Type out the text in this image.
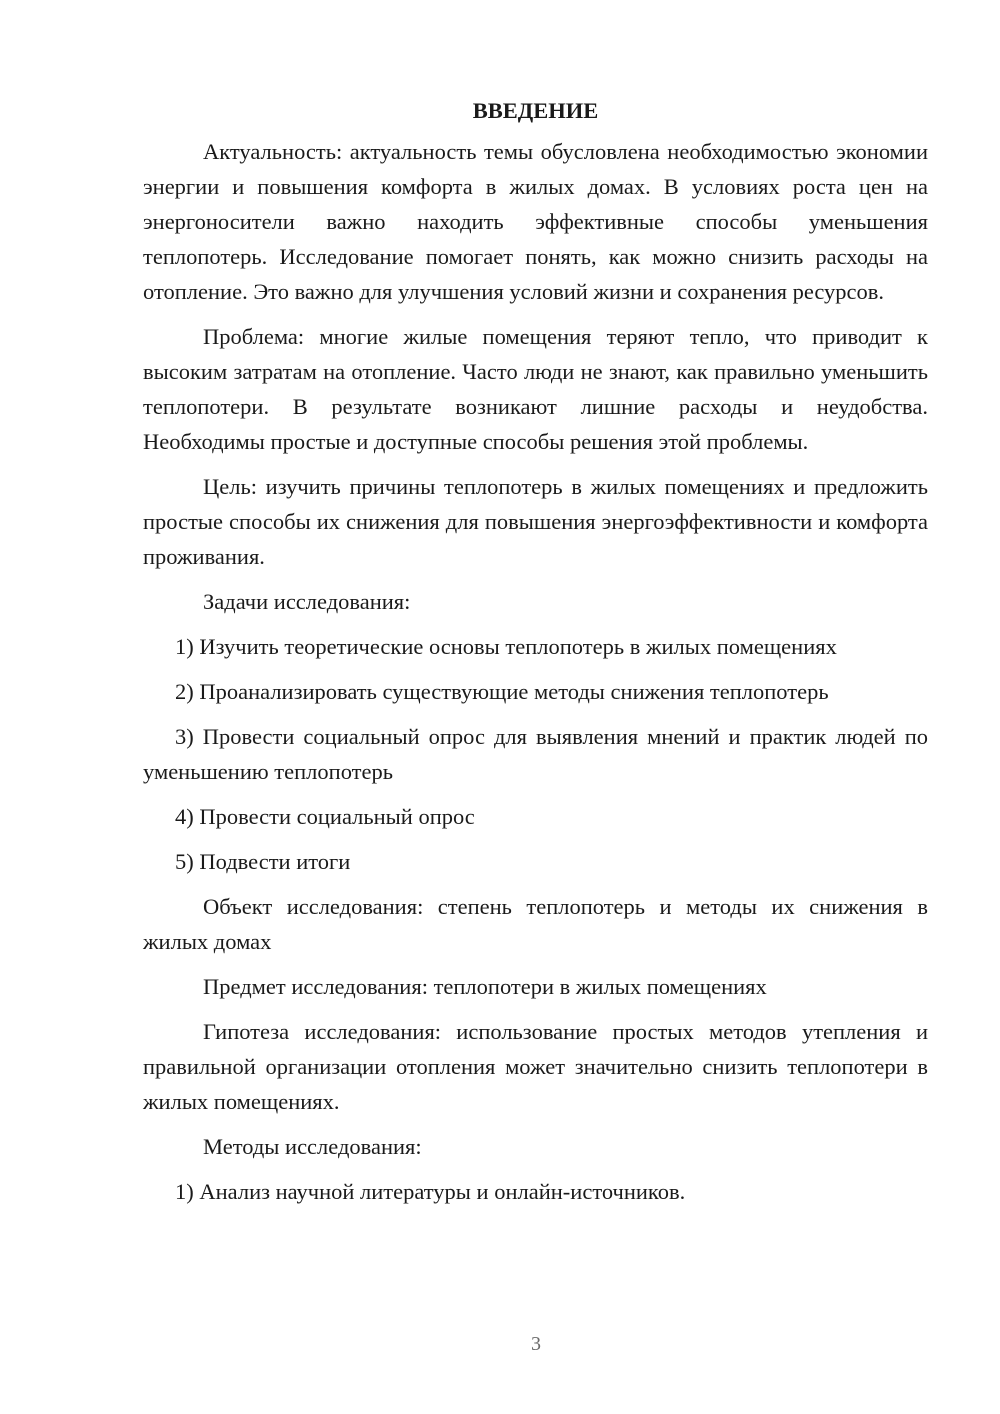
ВВЕДЕНИЕ

Актуальность: актуальность темы обусловлена необходимостью экономии энергии и повышения комфорта в жилых домах. В условиях роста цен на энергоносители важно находить эффективные способы уменьшения теплопотерь. Исследование помогает понять, как можно снизить расходы на отопление. Это важно для улучшения условий жизни и сохранения ресурсов.

Проблема: многие жилые помещения теряют тепло, что приводит к высоким затратам на отопление. Часто люди не знают, как правильно уменьшить теплопотери. В результате возникают лишние расходы и неудобства. Необходимы простые и доступные способы решения этой проблемы.

Цель: изучить причины теплопотерь в жилых помещениях и предложить простые способы их снижения для повышения энергоэффективности и комфорта проживания.

Задачи исследования:

1) Изучить теоретические основы теплопотерь в жилых помещениях

2) Проанализировать существующие методы снижения теплопотерь

3) Провести социальный опрос для выявления мнений и практик людей по уменьшению теплопотерь

4) Провести социальный опрос

5) Подвести итоги

Объект исследования: степень теплопотерь и методы их снижения в жилых домах

Предмет исследования: теплопотери в жилых помещениях

Гипотеза исследования: использование простых методов утепления и правильной организации отопления может значительно снизить теплопотери в жилых помещениях.

Методы исследования:

1) Анализ научной литературы и онлайн-источников.

3
